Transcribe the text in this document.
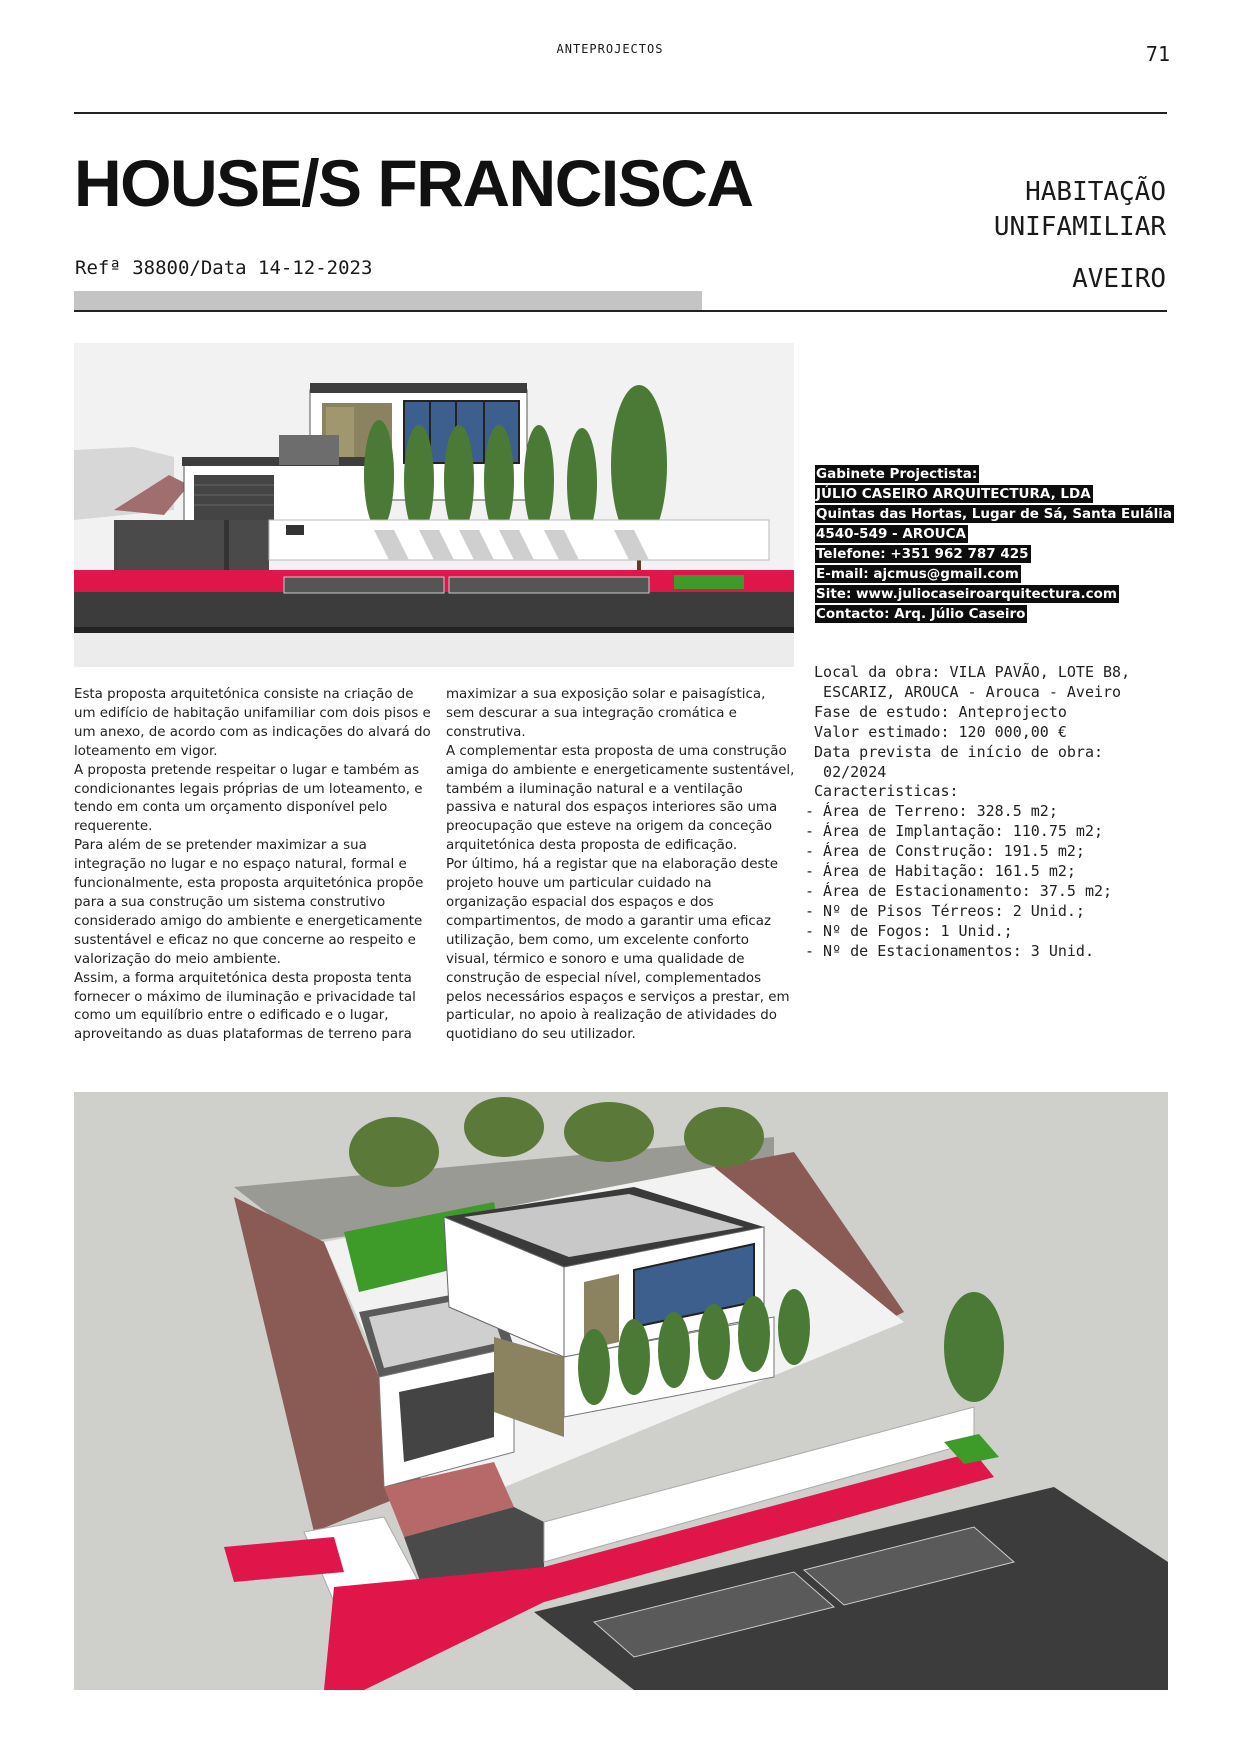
ANTEPROJECTOS	71
HOUSE/S FRANCISCA
Refª 38800/Data 14-12-2023
HABITAÇÃO
UNIFAMILIAR
AVEIRO
Gabinete Projectista:
JÚLIO CASEIRO ARQUITECTURA, LDA
Quintas das Hortas, Lugar de Sá, Santa Eulália
4540-549 - AROUCA
Telefone: +351 962 787 425
E-mail: ajcmus@gmail.com
Site: www.juliocaseiroarquitectura.com
Contacto: Arq. Júlio Caseiro

Esta proposta arquitetónica consiste na criação de um edifício de habitação unifamiliar com dois pisos e um anexo, de acordo com as indicações do alvará do loteamento em vigor.

A proposta pretende respeitar o lugar e também as condicionantes legais próprias de um loteamento, e tendo em conta um orçamento disponível pelo requerente.

Para além de se pretender maximizar a sua integração no lugar e no espaço natural, formal e funcionalmente, esta proposta arquitetónica propõe para a sua construção um sistema construtivo considerado amigo do ambiente e energeticamente sustentável e eficaz no que concerne ao respeito e valorização do meio ambiente.

Assim, a forma arquitetónica desta proposta tenta fornecer o máximo de iluminação e privacidade tal como um equilíbrio entre o edificado e o lugar, aproveitando as duas plataformas de terreno para

maximizar a sua exposição solar e paisagística, sem descurar a sua integração cromática e construtiva.

A complementar esta proposta de uma construção amiga do ambiente e energeticamente sustentável, também a iluminação natural e a ventilação passiva e natural dos espaços interiores são uma preocupação que esteve na origem da conceção arquitetónica desta proposta de edificação.

Por último, há a registar que na elaboração deste projeto houve um particular cuidado na organização espacial dos espaços e dos compartimentos, de modo a garantir uma eficaz utilização, bem como, um excelente conforto visual, térmico e sonoro e uma qualidade de construção de especial nível, complementados pelos necessários espaços e serviços a prestar, em particular, no apoio à realização de atividades do quotidiano do seu utilizador.

Local da obra: VILA PAVÃO, LOTE B8,
ESCARIZ, AROUCA - Arouca - Aveiro
Fase de estudo: Anteprojecto
Valor estimado: 120 000,00 €
Data prevista de início de obra:
02/2024
Caracteristicas:
- Área de Terreno: 328.5 m2;
- Área de Implantação: 110.75 m2;
- Área de Construção: 191.5 m2;
- Área de Habitação: 161.5 m2;
- Área de Estacionamento: 37.5 m2;
- Nº de Pisos Térreos: 2 Unid.;
- Nº de Fogos: 1 Unid.;
- Nº de Estacionamentos: 3 Unid.
